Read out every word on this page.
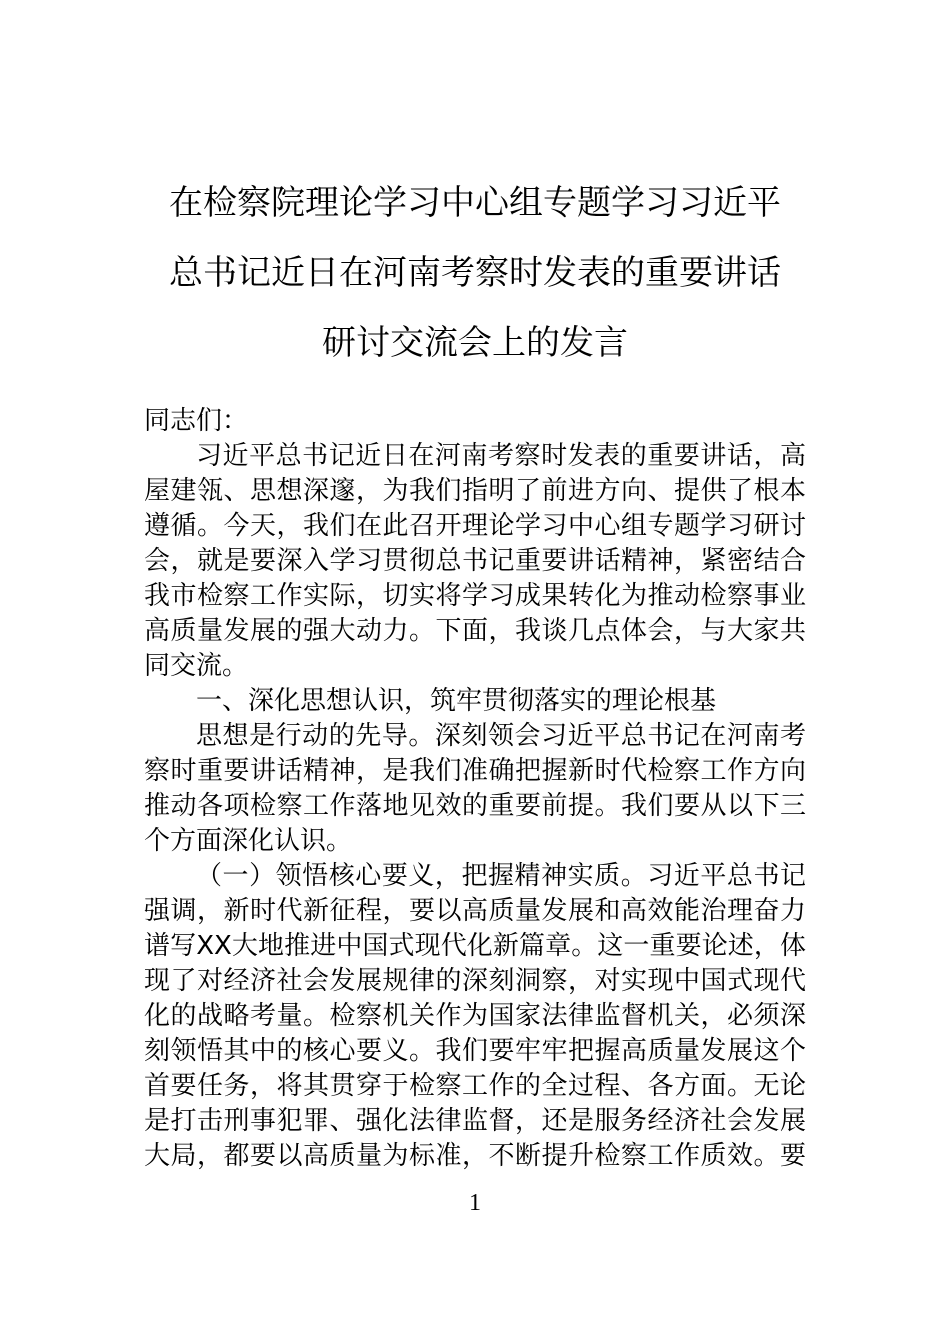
在检察院理论学习中心组专题学习习近平
总书记近日在河南考察时发表的重要讲话
研讨交流会上的发言
同志们：
习近平总书记近日在河南考察时发表的重要讲话，高
屋建瓴、思想深邃，为我们指明了前进方向、提供了根本
遵循。今天，我们在此召开理论学习中心组专题学习研讨
会，就是要深入学习贯彻总书记重要讲话精神，紧密结合
我市检察工作实际，切实将学习成果转化为推动检察事业
高质量发展的强大动力。下面，我谈几点体会，与大家共
同交流。
一、深化思想认识，筑牢贯彻落实的理论根基
思想是行动的先导。深刻领会习近平总书记在河南考
察时重要讲话精神，是我们准确把握新时代检察工作方向
推动各项检察工作落地见效的重要前提。我们要从以下三
个方面深化认识。
（一）领悟核心要义，把握精神实质。习近平总书记
强调，新时代新征程，要以高质量发展和高效能治理奋力
谱写XX大地推进中国式现代化新篇章。这一重要论述，体
现了对经济社会发展规律的深刻洞察，对实现中国式现代
化的战略考量。检察机关作为国家法律监督机关，必须深
刻领悟其中的核心要义。我们要牢牢把握高质量发展这个
首要任务，将其贯穿于检察工作的全过程、各方面。无论
是打击刑事犯罪、强化法律监督，还是服务经济社会发展
大局，都要以高质量为标准，不断提升检察工作质效。要
1
